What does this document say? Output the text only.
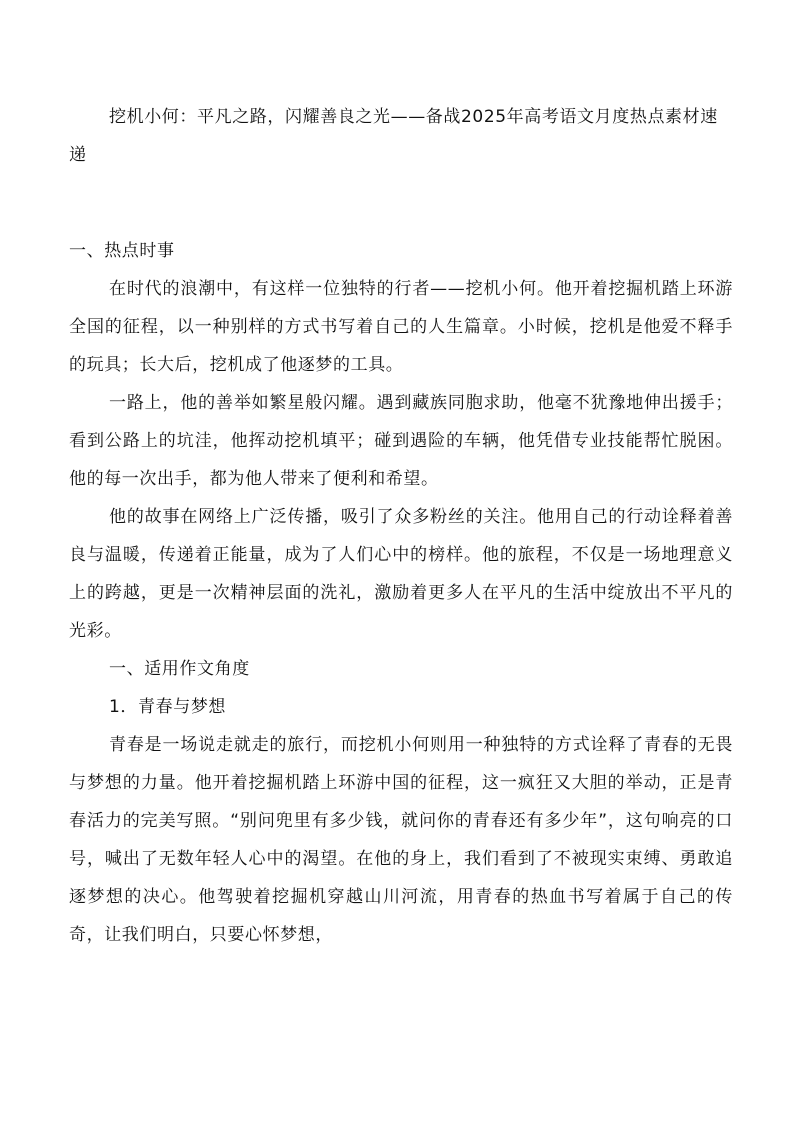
挖机小何：平凡之路，闪耀善良之光——备战2025年高考语文月度热点素材速递

一、热点时事

在时代的浪潮中，有这样一位独特的行者——挖机小何。他开着挖掘机踏上环游全国的征程，以一种别样的方式书写着自己的人生篇章。小时候，挖机是他爱不释手的玩具；长大后，挖机成了他逐梦的工具。

一路上，他的善举如繁星般闪耀。遇到藏族同胞求助，他毫不犹豫地伸出援手；看到公路上的坑洼，他挥动挖机填平；碰到遇险的车辆，他凭借专业技能帮忙脱困。他的每一次出手，都为他人带来了便利和希望。

他的故事在网络上广泛传播，吸引了众多粉丝的关注。他用自己的行动诠释着善良与温暖，传递着正能量，成为了人们心中的榜样。他的旅程，不仅是一场地理意义上的跨越，更是一次精神层面的洗礼，激励着更多人在平凡的生活中绽放出不平凡的光彩。

一、适用作文角度

1．青春与梦想

青春是一场说走就走的旅行，而挖机小何则用一种独特的方式诠释了青春的无畏与梦想的力量。他开着挖掘机踏上环游中国的征程，这一疯狂又大胆的举动，正是青春活力的完美写照。“别问兜里有多少钱，就问你的青春还有多少年”，这句响亮的口号，喊出了无数年轻人心中的渴望。在他的身上，我们看到了不被现实束缚、勇敢追逐梦想的决心。他驾驶着挖掘机穿越山川河流，用青春的热血书写着属于自己的传奇，让我们明白，只要心怀梦想，
